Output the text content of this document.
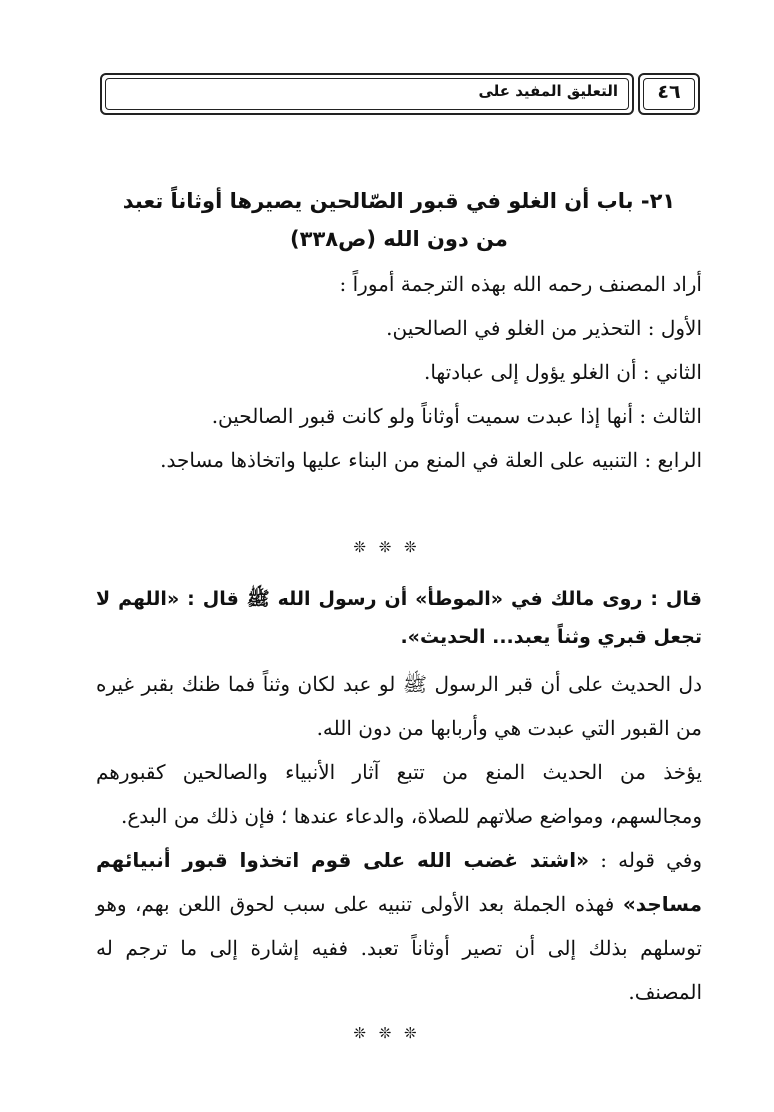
التعليق المفيد على	٤٦
٢١- باب أن الغلو في قبور الصّالحين يصيرها أوثاناً تعبد
من دون الله (ص٣٣٨)
أراد المصنف رحمه الله بهذه الترجمة أموراً :
الأول : التحذير من الغلو في الصالحين.
الثاني : أن الغلو يؤول إلى عبادتها.
الثالث : أنها إذا عبدت سميت أوثاناً ولو كانت قبور الصالحين.
الرابع : التنبيه على العلة في المنع من البناء عليها واتخاذها مساجد.
❊ ❊ ❊
قال : روى مالك في «الموطأ» أن رسول الله ﷺ قال : «اللهم لا تجعل قبري وثناً يعبد... الحديث».
دل الحديث على أن قبر الرسول ﷺ لو عبد لكان وثناً فما ظنك بقبر غيره من القبور التي عبدت هي وأربابها من دون الله.
يؤخذ من الحديث المنع من تتبع آثار الأنبياء والصالحين كقبورهم ومجالسهم، ومواضع صلاتهم للصلاة، والدعاء عندها ؛ فإن ذلك من البدع.
وفي قوله : «اشتد غضب الله على قوم اتخذوا قبور أنبيائهم مساجد» فهذه الجملة بعد الأولى تنبيه على سبب لحوق اللعن بهم، وهو توسلهم بذلك إلى أن تصير أوثاناً تعبد. ففيه إشارة إلى ما ترجم له المصنف.
❊ ❊ ❊
